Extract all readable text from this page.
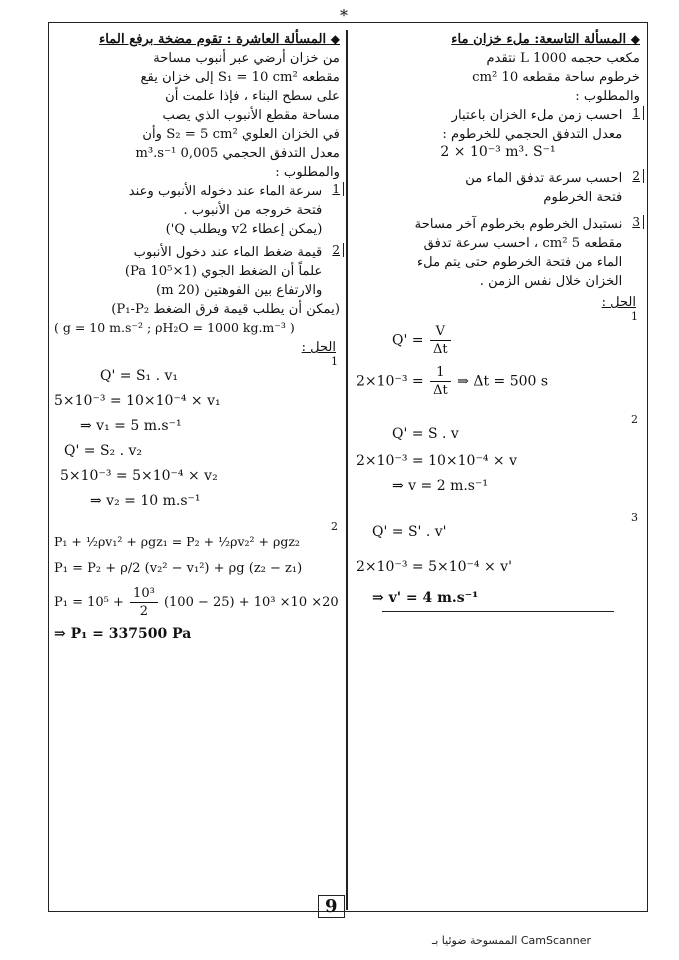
*
◆ المسألة التاسعة: ملء خزان ماء
مكعب حجمه 1000 L نتقدم
خرطوم ساحة مقطعه 10 cm²
والمطلوب :
1
احسب زمن ملء الخزان باعتبار
معدل التدفق الحجمي للخرطوم :
2 × 10⁻³ m³. S⁻¹
2
احسب سرعة تدفق الماء من
فتحة الخرطوم
3
نستبدل الخرطوم بخرطوم آخر مساحة
مقطعه 5 cm² ، احسب سرعة تدفق
الماء من فتحة الخرطوم حتى يتم ملء
الخزان خلال نفس الزمن .
الحل :
1
$Q' = \frac{V}{\Delta t}$
$2\times 10^{-3} = \frac{1}{\Delta t}$ ⇒ Δt = 500 s
2
Q' = S . v
2×10⁻³ = 10×10⁻⁴ × v
⇒ v = 2 m.s⁻¹
3
Q' = S' . v'
2×10⁻³ = 5×10⁻⁴ × v'
⇒ v' = 4 m.s⁻¹
◆ المسألة العاشرة : تقوم مضخة برفع الماء
من خزان أرضي عبر أنبوب مساحة
مقطعه S₁ = 10 cm² إلى خزان يقع
على سطح البناء ، فإذا علمت أن
مساحة مقطع الأنبوب الذي يصب
في الخزان العلوي S₂ = 5 cm² وأن
معدل التدفق الحجمي 0,005 m³.s⁻¹
والمطلوب :
1
سرعة الماء عند دخوله الأنبوب وعند
فتحة خروجه من الأنبوب .
(يمكن إعطاء v2 ويطلب Q')
2
قيمة ضغط الماء عند دخول الأنبوب
علماً أن الضغط الجوي (1×10⁵ Pa)
والارتفاع بين الفوهتين (20 m)
(يمكن أن يطلب قيمة فرق الضغط P₁-P₂)
( g = 10 m.s⁻² ; ρH₂O = 1000 kg.m⁻³ )
الحل :
1
Q' = S₁ . v₁
5×10⁻³ = 10×10⁻⁴ × v₁
⇒ v₁ = 5 m.s⁻¹
Q' = S₂ . v₂
5×10⁻³ = 5×10⁻⁴ × v₂
⇒ v₂ = 10 m.s⁻¹
2
P₁ + ½ρv₁² + ρgz₁ = P₂ + ½ρv₂² + ρgz₂
P₁ = P₂ + ρ/2 (v₂² − v₁²) + ρg (z₂ − z₁)
$P_1 = 10^5 + \frac{\text{10³}}{2} (100 - 25) + 10^3 \times 10 \times 20$
⇒ P₁ = 337500 Pa
9
الممسوحة ضوئيا بـ CamScanner
